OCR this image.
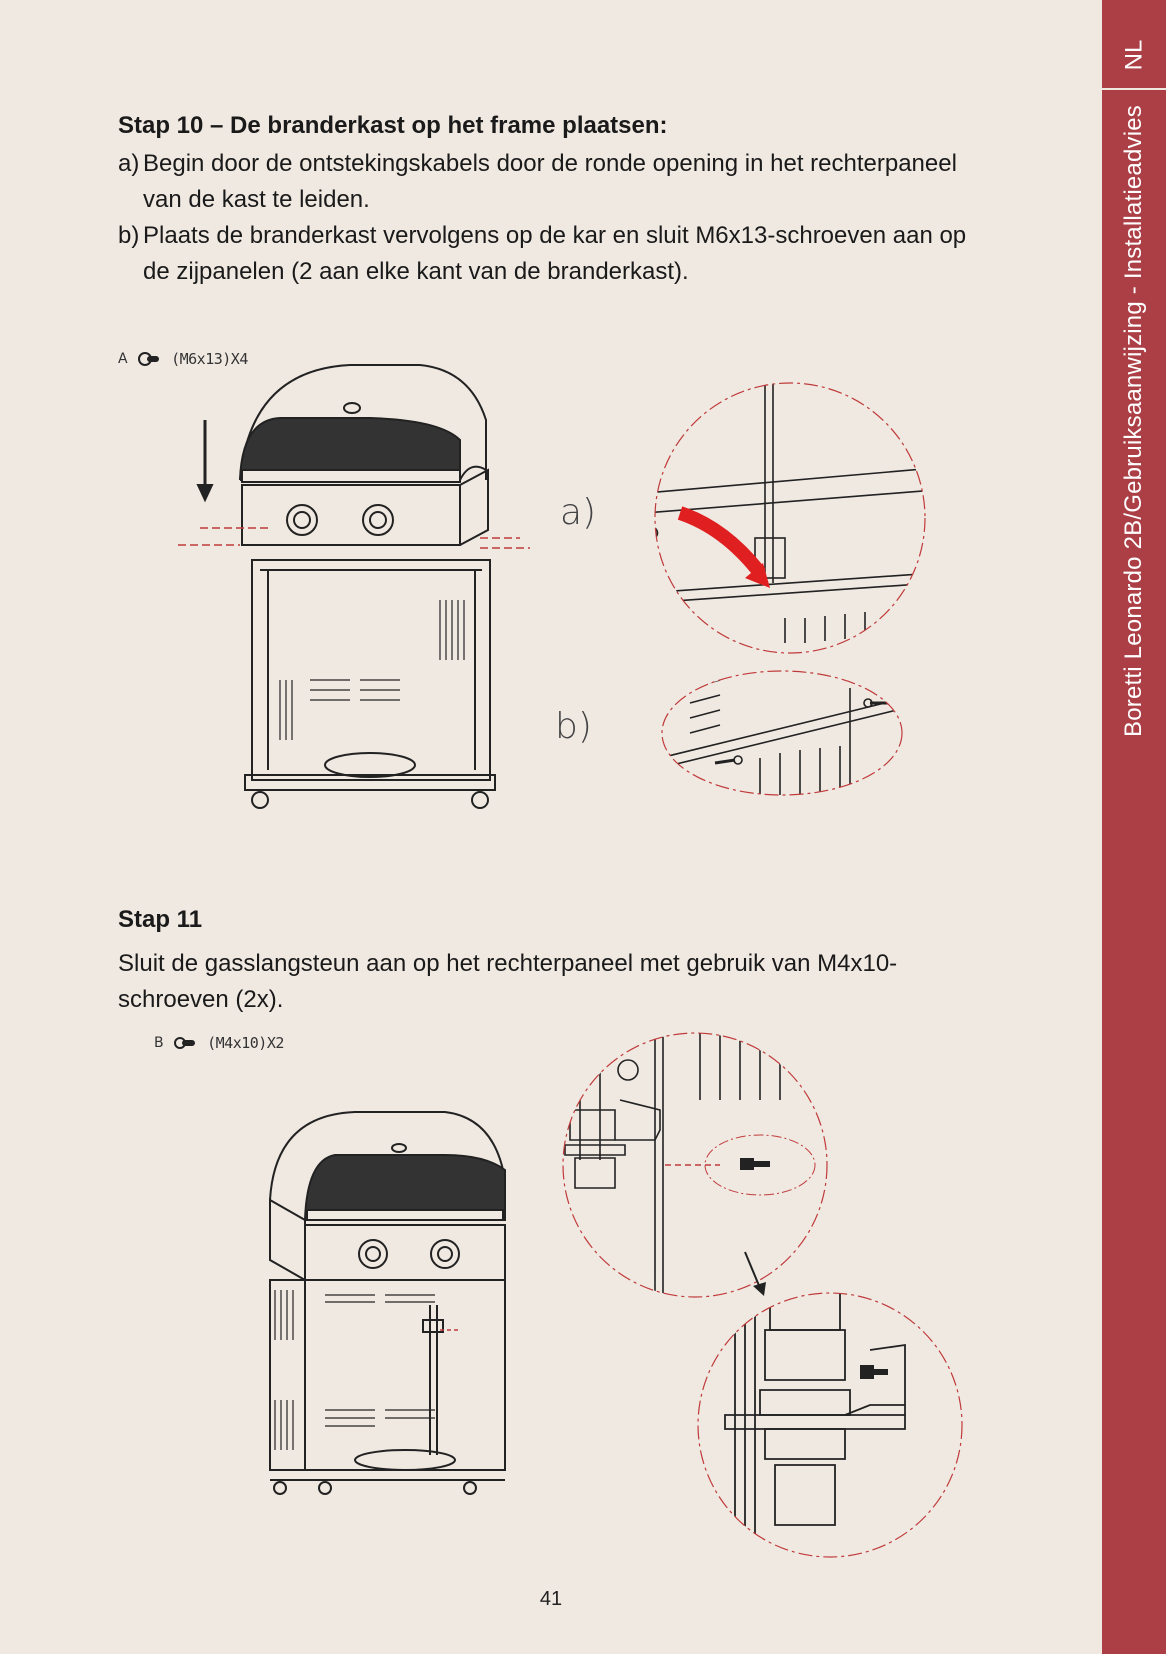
NL
Boretti Leonardo 2B/Gebruiksaanwijzing - Installatieadvies
Stap 10 – De branderkast op het frame plaatsen:
a) Begin door de ontstekingskabels door de ronde opening in het rechterpaneel van de kast te leiden.
b) Plaats de branderkast vervolgens op de kar en sluit M6x13-schroeven aan op de zijpanelen (2 aan elke kant van de branderkast).
Stap 11

Sluit de gasslangsteun aan op het rechterpaneel met gebruik van M4x10-schroeven (2x).

A	(M6x13)X4
a)
b)
B	(M4x10)X2
41
